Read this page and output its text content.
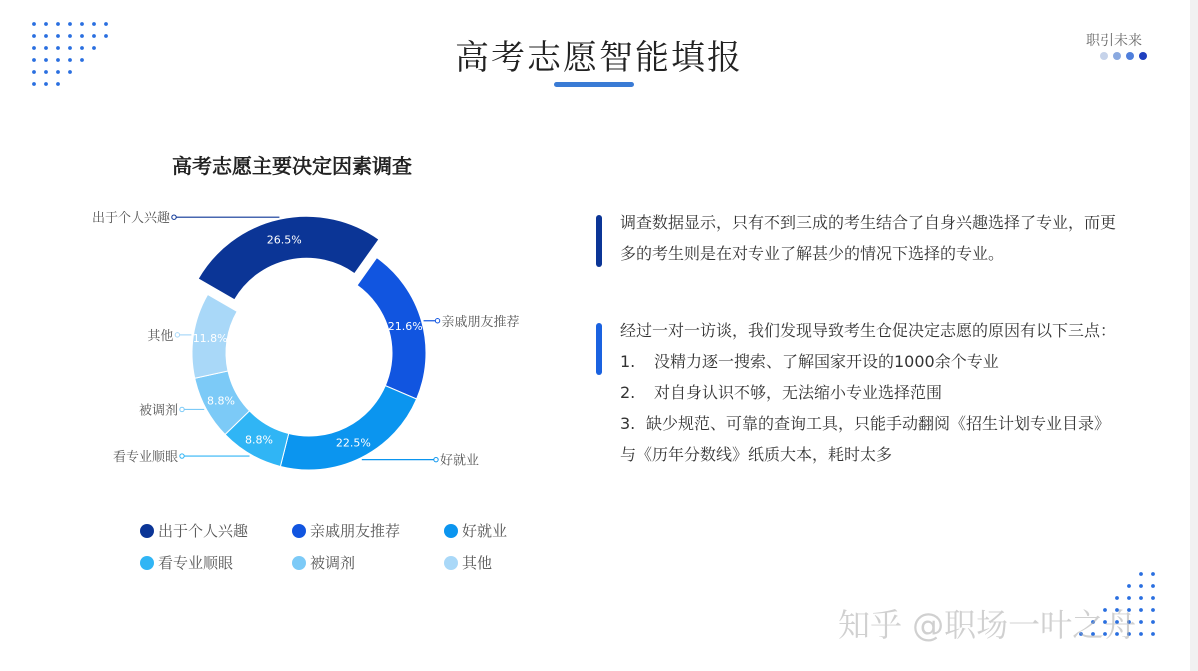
高考志愿智能填报	职引未来
高考志愿主要决定因素调查
26.5%
出于个人兴趣
21.6% 亲戚朋友推荐
22.5%
好就业
8.8%
看专业顺眼
8.8%
被调剂
11.8%
其他
出于个人兴趣	亲戚朋友推荐	好就业
看专业顺眼	被调剂	其他
调查数据显示，只有不到三成的考生结合了自身兴趣选择了专业，而更多的考生则是在对专业了解甚少的情况下选择的专业。
经过一对一访谈，我们发现导致考生仓促决定志愿的原因有以下三点：
1.	没精力逐一搜索、了解国家开设的1000余个专业
2.	对自身认识不够，无法缩小专业选择范围
3. 缺少规范、可靠的查询工具，只能手动翻阅《招生计划专业目录》与《历年分数线》纸质大本，耗时太多
知乎 @职场一叶之舟
